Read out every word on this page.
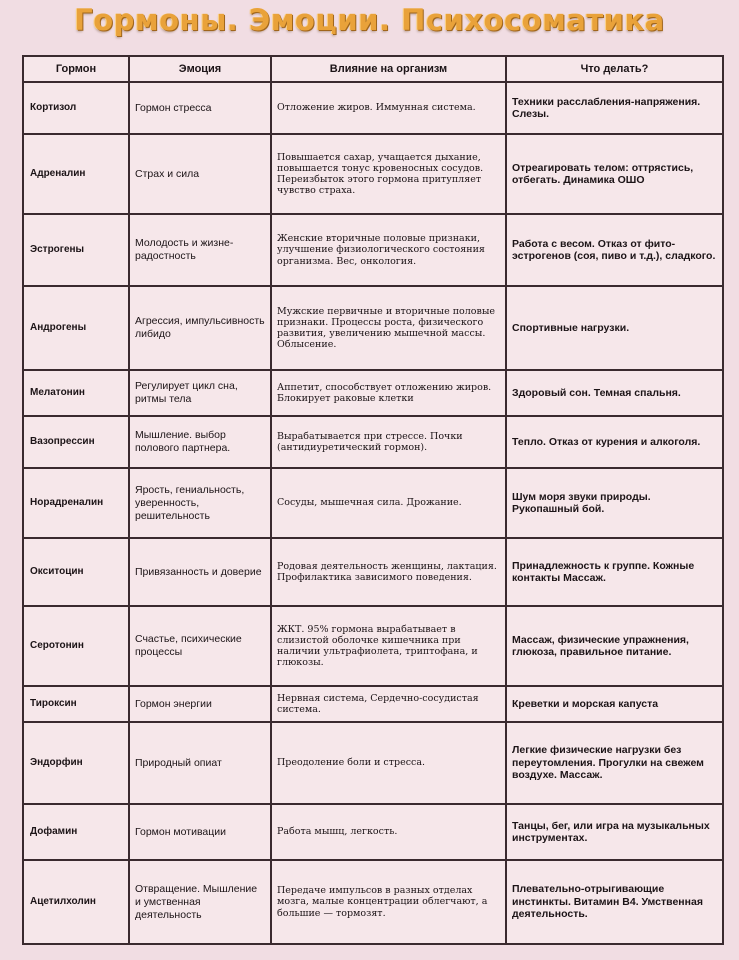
Гормоны. Эмоции. Психосоматика
Гормон	Эмоция	Влияние на организм	Что делать?
Кортизол	Гормон стресса	Отложение жиров. Иммунная система.	Техники расслабления-напряжения. Слезы.
Адреналин	Страх и сила	Повышается сахар, учащается дыхание, повышается тонус кровеносных сосудов. Переизбыток этого гормона притупляет чувство страха.	Отреагировать телом: оттрястись, отбегать. Динамика ОШО
Эстрогены	Молодость и жизне-радостность	Женские вторичные половые признаки, улучшение физиологического состояния организма. Вес, онкология.	Работа с весом. Отказ от фито-эстрогенов (соя, пиво и т.д.), сладкого.
Андрогены	Агрессия, импульсивность либидо	Мужские первичные и вторичные половые признаки. Процессы роста, физического развития, увеличению мышечной массы. Облысение.	Спортивные нагрузки.
Мелатонин	Регулирует цикл сна, ритмы тела	Аппетит, способствует отложению жиров. Блокирует раковые клетки	Здоровый сон. Темная спальня.
Вазопрессин	Мышление. выбор полового партнера.	Вырабатывается при стрессе. Почки (антидиуретический гормон).	Тепло. Отказ от курения и алкоголя.
Норадреналин	Ярость, гениальность, уверенность, решительность	Сосуды, мышечная сила. Дрожание.	Шум моря звуки природы. Рукопашный бой.
Окситоцин	Привязанность и доверие	Родовая деятельность женщины, лактация. Профилактика зависимого поведения.	Принадлежность к группе. Кожные контакты Массаж.
Серотонин	Счастье, психические процессы	ЖКТ. 95% гормона вырабатывает в слизистой оболочке кишечника при наличии ультрафиолета, триптофана, и глюкозы.	Массаж, физические упражнения, глюкоза, правильное питание.
Тироксин	Гормон энергии	Нервная система, Сердечно-сосудистая система.	Креветки и морская капуста
Эндорфин	Природный опиат	Преодоление боли и стресса.	Легкие физические нагрузки без переутомления. Прогулки на свежем воздухе. Массаж.
Дофамин	Гормон мотивации	Работа мышц, легкость.	Танцы, бег, или игра на музыкальных инструментах.
Ацетилхолин	Отвращение. Мышление и умственная деятельность	Передаче импульсов в разных отделах мозга, малые концентрации облегчают, а большие — тормозят.	Плевательно-отрыгивающие инстинкты. Витамин В4. Умственная деятельность.
